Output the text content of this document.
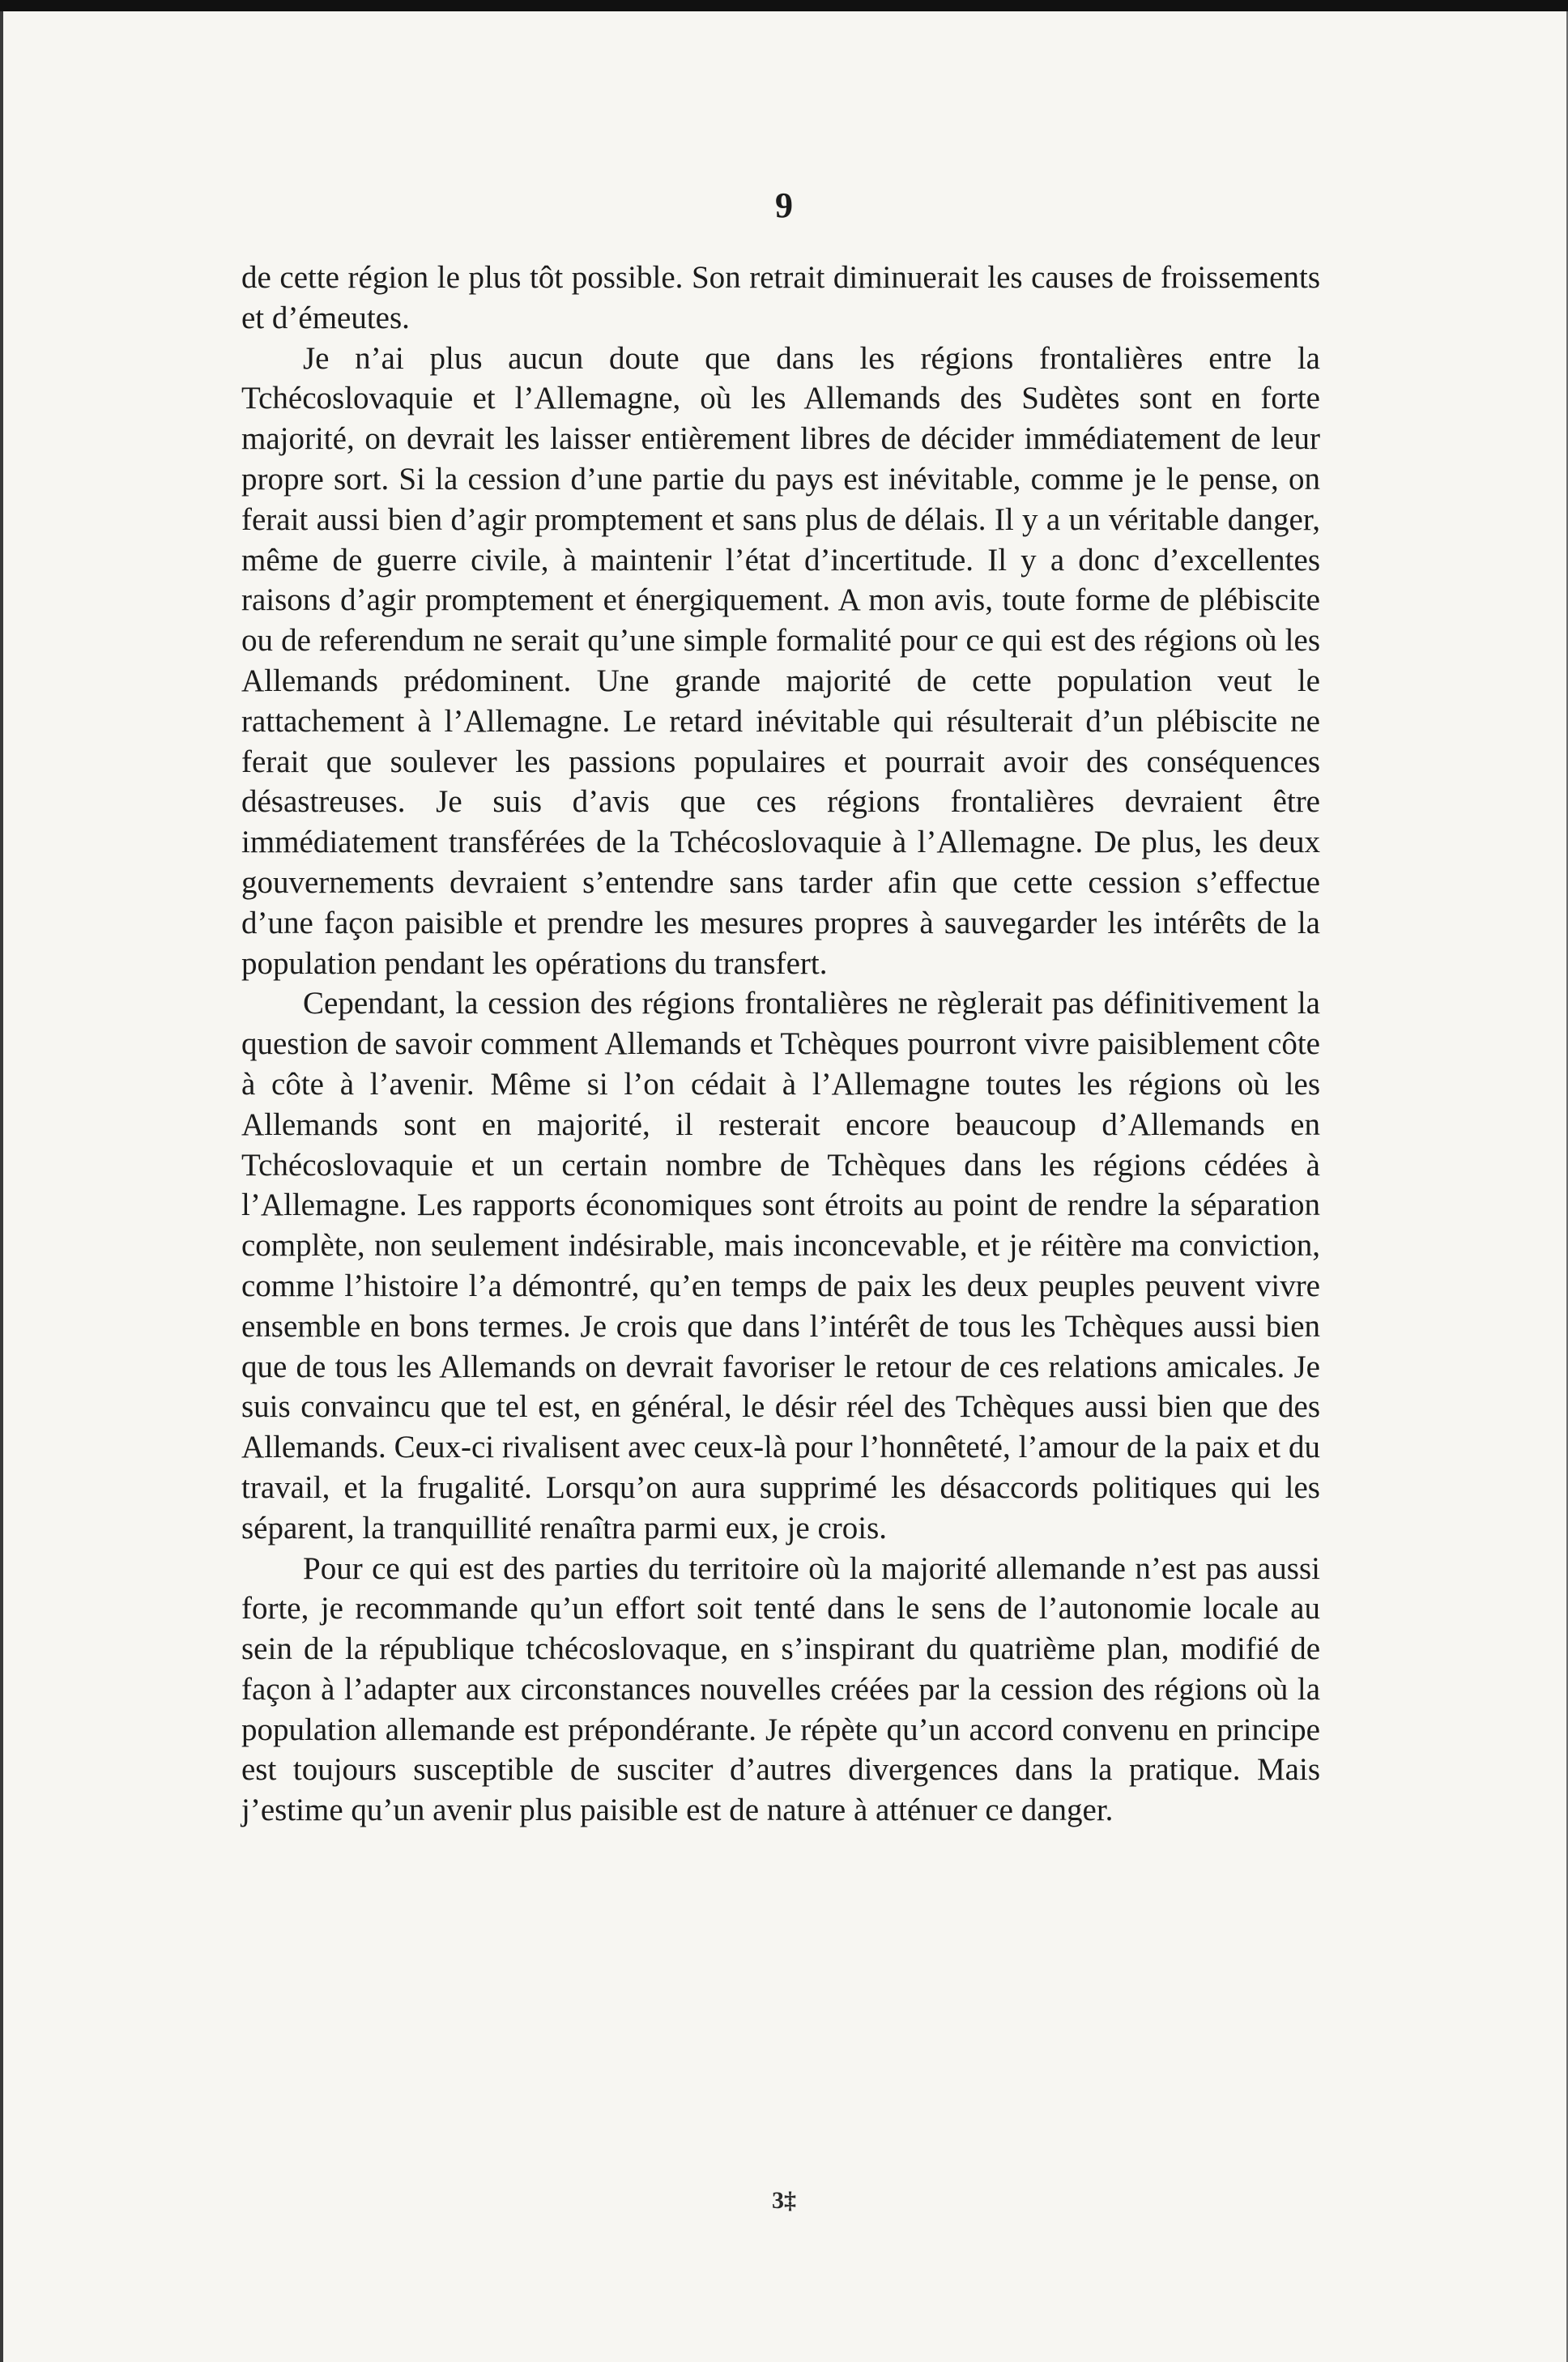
9

de cette région le plus tôt possible. Son retrait diminuerait les causes de froissements et d’émeutes.

Je n’ai plus aucun doute que dans les régions frontalières entre la Tchécoslovaquie et l’Allemagne, où les Allemands des Sudètes sont en forte majorité, on devrait les laisser entièrement libres de décider immédiatement de leur propre sort. Si la cession d’une partie du pays est inévitable, comme je le pense, on ferait aussi bien d’agir promptement et sans plus de délais. Il y a un véritable danger, même de guerre civile, à maintenir l’état d’incertitude. Il y a donc d’excellentes raisons d’agir promptement et énergiquement. A mon avis, toute forme de plébiscite ou de referendum ne serait qu’une simple formalité pour ce qui est des régions où les Allemands prédominent. Une grande majorité de cette population veut le rattachement à l’Allemagne. Le retard inévitable qui résulterait d’un plébiscite ne ferait que soulever les passions populaires et pourrait avoir des conséquences désastreuses. Je suis d’avis que ces régions frontalières devraient être immédiatement transférées de la Tchécoslovaquie à l’Allemagne. De plus, les deux gouvernements devraient s’entendre sans tarder afin que cette cession s’effectue d’une façon paisible et prendre les mesures propres à sauvegarder les intérêts de la population pendant les opérations du transfert.

Cependant, la cession des régions frontalières ne règlerait pas définitivement la question de savoir comment Allemands et Tchèques pourront vivre paisiblement côte à côte à l’avenir. Même si l’on cédait à l’Allemagne toutes les régions où les Allemands sont en majorité, il resterait encore beaucoup d’Allemands en Tchécoslovaquie et un certain nombre de Tchèques dans les régions cédées à l’Allemagne. Les rapports économiques sont étroits au point de rendre la séparation complète, non seulement indésirable, mais inconcevable, et je réitère ma conviction, comme l’histoire l’a démontré, qu’en temps de paix les deux peuples peuvent vivre ensemble en bons termes. Je crois que dans l’intérêt de tous les Tchèques aussi bien que de tous les Allemands on devrait favoriser le retour de ces relations amicales. Je suis convaincu que tel est, en général, le désir réel des Tchèques aussi bien que des Allemands. Ceux-ci rivalisent avec ceux-là pour l’honnêteté, l’amour de la paix et du travail, et la frugalité. Lorsqu’on aura supprimé les désaccords politiques qui les séparent, la tranquillité renaîtra parmi eux, je crois.

Pour ce qui est des parties du territoire où la majorité allemande n’est pas aussi forte, je recommande qu’un effort soit tenté dans le sens de l’autonomie locale au sein de la république tchécoslovaque, en s’inspirant du quatrième plan, modifié de façon à l’adapter aux circonstances nouvelles créées par la cession des régions où la population allemande est prépondérante. Je répète qu’un accord convenu en principe est toujours susceptible de susciter d’autres divergences dans la pratique. Mais j’estime qu’un avenir plus paisible est de nature à atténuer ce danger.

3‡
